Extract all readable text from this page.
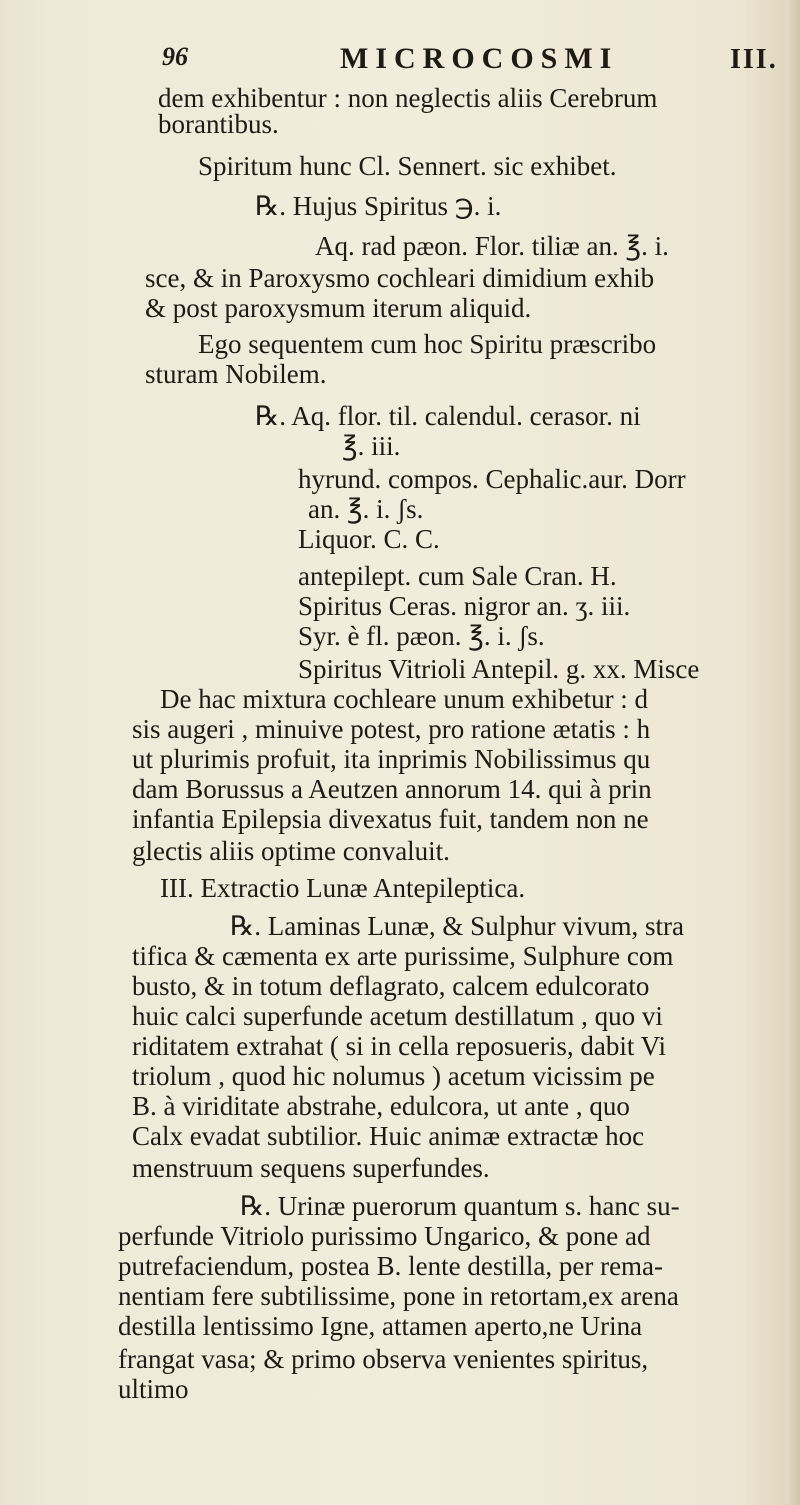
96	MICROCOSMI	III.
dem exhibentur : non neglectis aliis Cerebrum
borantibus.
Spiritum hunc Cl. Sennert. sic exhibet.
℞. Hujus Spiritus ℈. i.
Aq. rad pæon. Flor. tiliæ an. ℥. i.
sce, & in Paroxysmo cochleari dimidium exhib
& post paroxysmum iterum aliquid.
Ego sequentem cum hoc Spiritu præscribo
sturam Nobilem.
℞. Aq. flor. til. calendul. cerasor. ni
℥. iii.
hyrund. compos. Cephalic.aur. Dorr
an. ℥. i. ʃs.
Liquor. C. C.
antepilept. cum Sale Cran. H.
Spiritus Ceras. nigror an. ʒ. iii.
Syr. è fl. pæon. ℥. i. ʃs.
Spiritus Vitrioli Antepil. g. xx. Misce
De hac mixtura cochleare unum exhibetur : d
sis augeri , minuive potest, pro ratione ætatis : h
ut plurimis profuit, ita inprimis Nobilissimus qu
dam Borussus a Aeutzen annorum 14. qui à prin
infantia Epilepsia divexatus fuit, tandem non ne
glectis aliis optime convaluit.
III. Extractio Lunæ Antepileptica.
℞. Laminas Lunæ, & Sulphur vivum, stra
tifica & cæmenta ex arte purissime, Sulphure com
busto, & in totum deflagrato, calcem edulcorato
huic calci superfunde acetum destillatum , quo vi
riditatem extrahat ( si in cella reposueris, dabit Vi
triolum , quod hic nolumus ) acetum vicissim pe
B. à viriditate abstrahe, edulcora, ut ante , quo
Calx evadat subtilior. Huic animæ extractæ hoc
menstruum sequens superfundes.
℞. Urinæ puerorum quantum s. hanc su-
perfunde Vitriolo purissimo Ungarico, & pone ad
putrefaciendum, postea B. lente destilla, per rema-
nentiam fere subtilissime, pone in retortam,ex arena
destilla lentissimo Igne, attamen aperto,ne Urina
frangat vasa; & primo observa venientes spiritus,
ultimo
